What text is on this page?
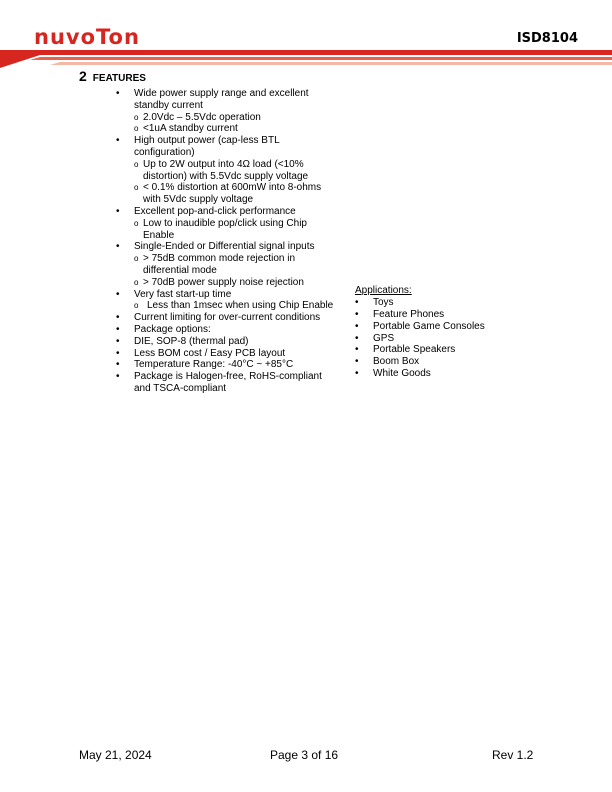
nuvoTon	ISD8104
2 FEATURES
• Wide power supply range and excellent standby current
o 2.0Vdc – 5.5Vdc operation
o <1uA standby current
• High output power (cap-less BTL configuration)
o Up to 2W output into 4Ω load (<10% distortion) with 5.5Vdc supply voltage
o < 0.1% distortion at 600mW into 8-ohms with 5Vdc supply voltage
• Excellent pop-and-click performance
o Low to inaudible pop/click using Chip Enable
• Single-Ended or Differential signal inputs
o > 75dB common mode rejection in differential mode
o > 70dB power supply noise rejection
• Very fast start-up time
o Less than 1msec when using Chip Enable
• Current limiting for over-current conditions
• Package options:
• DIE, SOP-8 (thermal pad)
• Less BOM cost / Easy PCB layout
• Temperature Range: -40°C ~ +85°C
• Package is Halogen-free, RoHS-compliant and TSCA-compliant
Applications:
• Toys
• Feature Phones
• Portable Game Consoles
• GPS
• Portable Speakers
• Boom Box
• White Goods
May 21, 2024	Page 3 of 16	Rev 1.2
